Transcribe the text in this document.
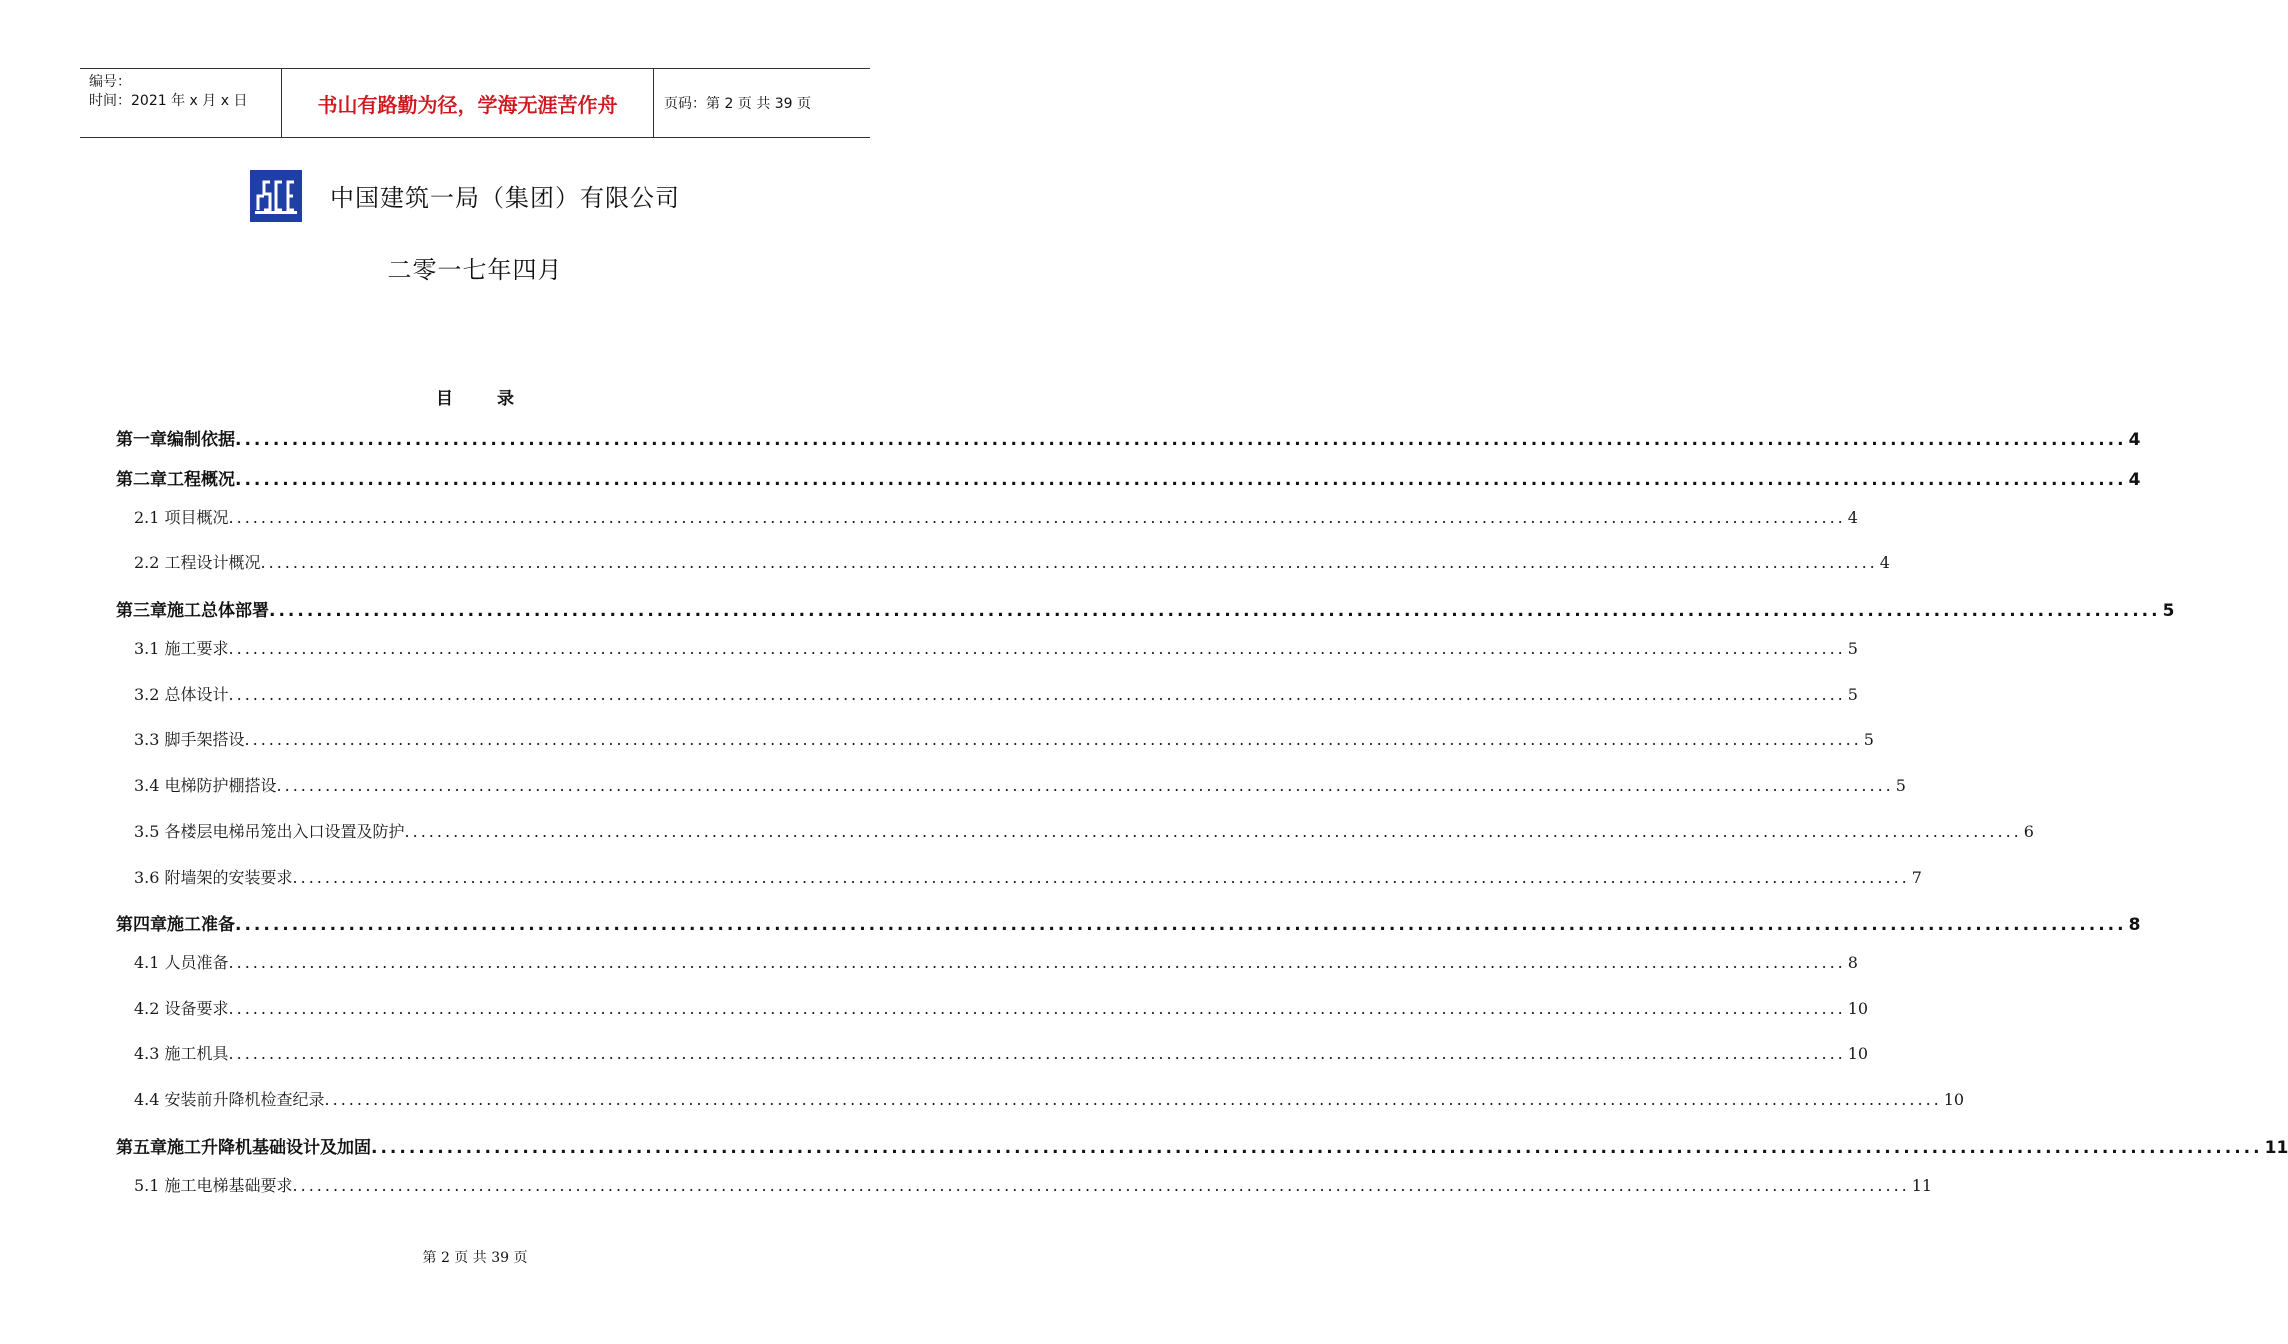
编号：
时间：2021 年 x 月 x 日	书山有路勤为径，学海无涯苦作舟	页码：第 2 页 共 39 页
中国建筑一局（集团）有限公司
二零一七年四月
目	录
第一章编制依据 ........................................................................................................................................................................................................ 4
第二章工程概况 ........................................................................................................................................................................................................ 4
2.1 项目概况 ........................................................................................................................................................................................................ 4
2.2 工程设计概况 ........................................................................................................................................................................................................ 4
第三章施工总体部署 ........................................................................................................................................................................................................ 5
3.1 施工要求 ........................................................................................................................................................................................................ 5
3.2 总体设计 ........................................................................................................................................................................................................ 5
3.3 脚手架搭设 ........................................................................................................................................................................................................ 5
3.4 电梯防护棚搭设 ........................................................................................................................................................................................................ 5
3.5 各楼层电梯吊笼出入口设置及防护 ........................................................................................................................................................................................................ 6
3.6 附墙架的安装要求 ........................................................................................................................................................................................................ 7
第四章施工准备 ........................................................................................................................................................................................................ 8
4.1 人员准备 ........................................................................................................................................................................................................ 8
4.2 设备要求 ........................................................................................................................................................................................................ 10
4.3 施工机具 ........................................................................................................................................................................................................ 10
4.4 安装前升降机检查纪录 ........................................................................................................................................................................................................ 10
第五章施工升降机基础设计及加固 ........................................................................................................................................................................................................ 11
5.1 施工电梯基础要求 ........................................................................................................................................................................................................ 11
第 2 页 共 39 页
